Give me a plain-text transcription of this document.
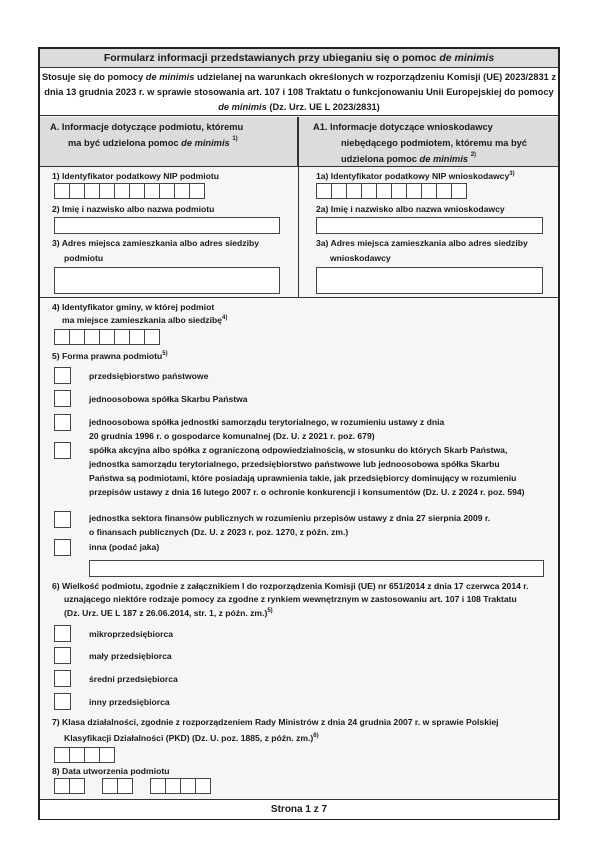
Formularz informacji przedstawianych przy ubieganiu się o pomoc de minimis
Stosuje się do pomocy de minimis udzielanej na warunkach określonych w rozporządzeniu Komisji (UE) 2023/2831 z dnia 13 grudnia 2023 r. w sprawie stosowania art. 107 i 108 Traktatu o funkcjonowaniu Unii Europejskiej do pomocy de minimis (Dz. Urz. UE L 2023/2831)
A. Informacje dotyczące podmiotu, któremu
ma być udzielona pomoc de minimis $^{1)}$
A1. Informacje dotyczące wnioskodawcy
niebędącego podmiotem, któremu ma być
udzielona pomoc de minimis $^{2)}$
1) Identyfikator podatkowy NIP podmiotu
2) Imię i nazwisko albo nazwa podmiotu
3) Adres miejsca zamieszkania albo adres siedziby
podmiotu
1a) Identyfikator podatkowy NIP wnioskodawcy$^{3)}$
2a) Imię i nazwisko albo nazwa wnioskodawcy
3a) Adres miejsca zamieszkania albo adres siedziby
wnioskodawcy
4) Identyfikator gminy, w której podmiot
ma miejsce zamieszkania albo siedzibę$^{4)}$
5) Forma prawna podmiotu$^{5)}$
przedsiębiorstwo państwowe
jednoosobowa spółka Skarbu Państwa
jednoosobowa spółka jednostki samorządu terytorialnego, w rozumieniu ustawy z dnia
20 grudnia 1996 r. o gospodarce komunalnej (Dz. U. z 2021 r. poz. 679)
spółka akcyjna albo spółka z ograniczoną odpowiedzialnością, w stosunku do których Skarb Państwa,
jednostka samorządu terytorialnego, przedsiębiorstwo państwowe lub jednoosobowa spółka Skarbu
Państwa są podmiotami, które posiadają uprawnienia takie, jak przedsiębiorcy dominujący w rozumieniu
przepisów ustawy z dnia 16 lutego 2007 r. o ochronie konkurencji i konsumentów (Dz. U. z 2024 r. poz. 594)
jednostka sektora finansów publicznych w rozumieniu przepisów ustawy z dnia 27 sierpnia 2009 r.
o finansach publicznych (Dz. U. z 2023 r. poz. 1270, z późn. zm.)
inna (podać jaka)
6) Wielkość podmiotu, zgodnie z załącznikiem I do rozporządzenia Komisji (UE) nr 651/2014 z dnia 17 czerwca 2014 r.
uznającego niektóre rodzaje pomocy za zgodne z rynkiem wewnętrznym w zastosowaniu art. 107 i 108 Traktatu
(Dz. Urz. UE L 187 z 26.06.2014, str. 1, z późn. zm.)$^{5)}$
mikroprzedsiębiorca
mały przedsiębiorca
średni przedsiębiorca
inny przedsiębiorca
7) Klasa działalności, zgodnie z rozporządzeniem Rady Ministrów z dnia 24 grudnia 2007 r. w sprawie Polskiej
Klasyfikacji Działalności (PKD) (Dz. U. poz. 1885, z późn. zm.)$^{6)}$
8) Data utworzenia podmiotu
Strona 1 z 7
